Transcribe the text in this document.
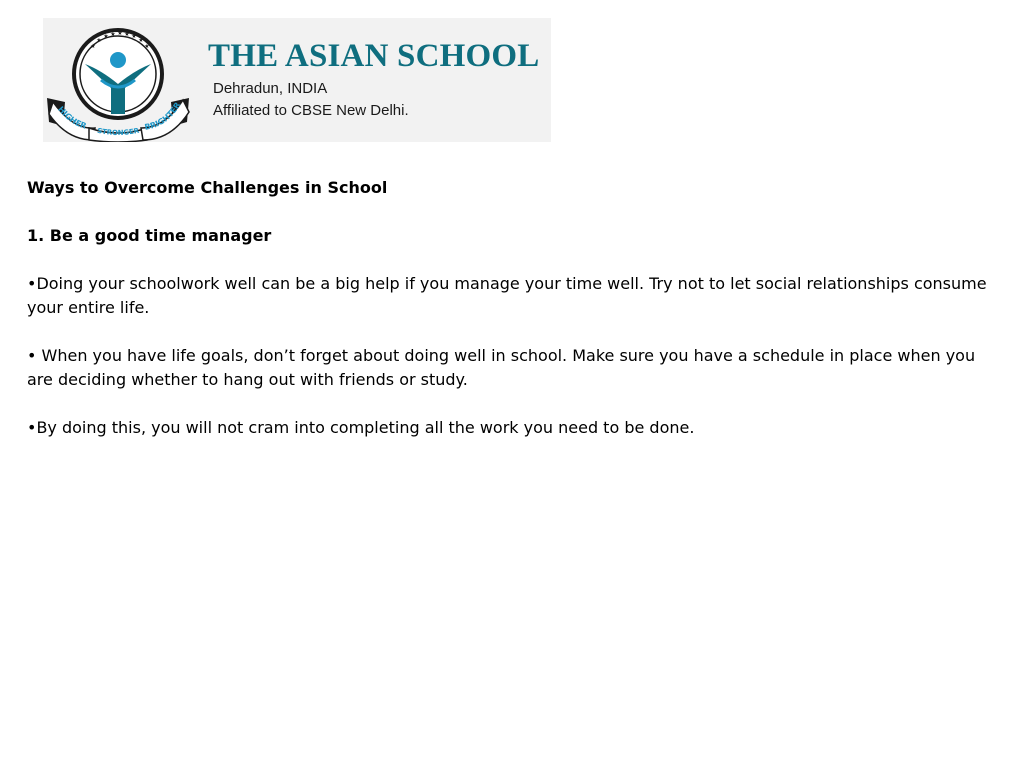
★
★
★ ★ ★ ★ ★
★
★
HIGHER
STRONGER BRIGHTER
THE ASIAN SCHOOL
Dehradun, INDIA
Affiliated to CBSE New Delhi.

Ways to Overcome Challenges in School

1. Be a good time manager

•Doing your schoolwork well can be a big help if you manage your time well. Try not to let social relationships consume your entire life.

• When you have life goals, don’t forget about doing well in school. Make sure you have a schedule in place when you are deciding whether to hang out with friends or study.

•By doing this, you will not cram into completing all the work you need to be done.
